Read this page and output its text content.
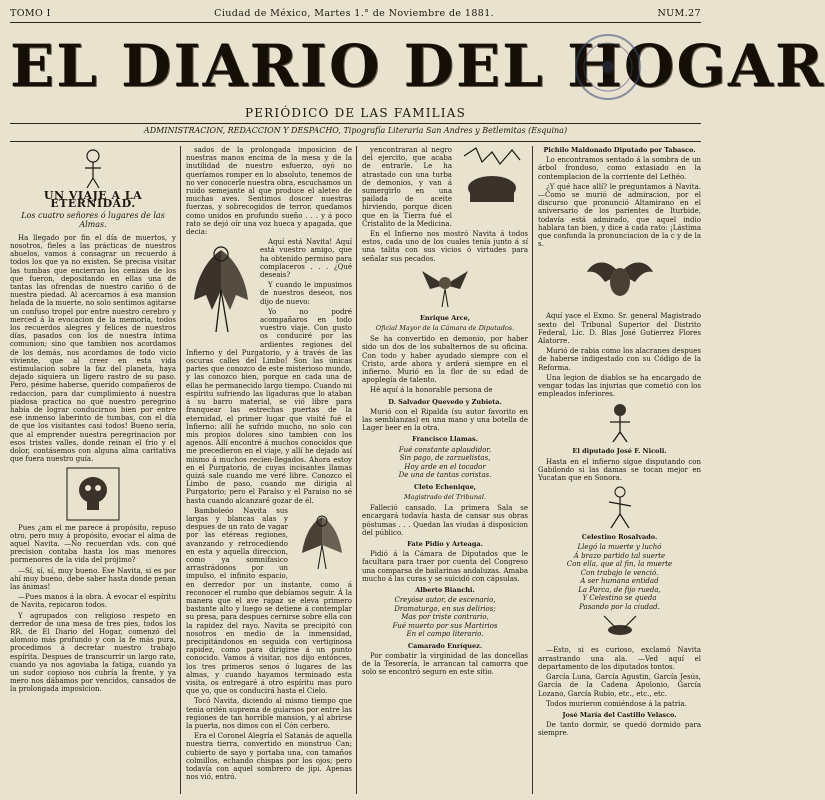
TOMO I	Ciudad de México, Martes 1.° de Noviembre de 1881.	NUM.27
EL DIARIO DEL HOGAR
PERIÓDICO DE LAS FAMILIAS
ADMINISTRACION, REDACCION Y DESPACHO, Tipografía Literaria San Andres y Betlemitas (Esquina)
UN VIAJE A LA ETERNIDAD.
Los cuatro señores ó lugares de las Almas.

Ha llegado por fin el día de muertos, y nosotros, fieles a las prácticas de nuestros abuelos, vamos á consagrar un recuerdo á todos los que ya no existen. Se precisa visitar las tumbas que encierran los cenizas de los que fueron, depositando en ellas una de tantas las ofrendas de nuestro cariño ó de nuestra piedad. Al acercarnos á esa mansion helada de la muerte, no solo sentimos agitarse un confuso tropel por entre nuestro cerebro y merced á la evocacion de la memoria, todos los recuerdos alegres y felices de nuestros días, pasados con los de nuestra íntima comunion; sino que tambien nos acordamos de los demás, nos acordamos de todo vicio viviente, que al creer en esta vida estimulacion sobre la faz del planeta, haya dejado siquiera un ligero rastro de su paso. Pero, pésime haberse, querido compañeros de redaccion, para dar cumplimiento á nuestra piadosa practica no qué nuestro peregrino había de lograr conducirnos bien por entre ese inmenso laberinto de tumbas, con el día de que los visitantes casi todos! Bueno sería, que al emprender nuestra peregrinacion por esos tristes valles, donde reinan el frio y el dolor, contásemos con alguna alma caritativa que fuera nuestro guía.

Pues ¿am el me parece á propósito, repuso otro, pero muy á propósito, evocar el alma de aquel Navita. —No recuerdan vds. con qué precision contaba hasta los mas menores pormenores de la vida del prójimo?

—Sí, sí, sí, muy bueno. Ese Navita, si es por ahí muy bueno, debe saber hasta donde penan las ánimas!

—Pues manos á la obra. Á evocar el espíritu de Navita, repicaron todos.

Y agrupados con religioso respeto en derredor de una mesa de tres pies, todos los RR. de El Diario del Hogar, comenzó del alomoio más profundo y con la fe más pura, procedimos á decretar nuestro trabajo espírita. Despues de transcurrir un largo rato, cuando ya nos agoviaba la fatiga, cuando ya un sudor copioso nos cubría la frente, y ya mero nos dábamos por vencidos, cansados de la prolongada imposicion.

sados de la prolongada imposicion de nuestras manos encima de la mesa y de la inutilidad de nuestro esfuerzo, oyó no queríamos romper en lo absoluto, tenemos de no ver conocerle nuestra obra, escuchamos un ruido semejante al que produce el aleteo de muchas aves. Sentimos doscer nuestras fuerzas, y sobrecogidos de terror, quedamos como unidos en profundo sueño . . . y á poco rato se dejó oír una voz hueca y apagada, que decia:

Aquí está Navita! Aquí está vuestro amigo, que ha obtenido permiso para complaceros . . . ¿Qué deseais?

Y cuando le impusimos de nuestros deseos, nos dijo de nuevo:

Yo no podré acompañaros en todo vuestro viaje. Con gusto os conduciré por las ardientes regiones del Infierno y del Purgatorio, y á través de las oscuras calles del Limbo! Son las únicas partes que conozco de este misterioso mundo, y las conozco bien, porque en cada una de ellas he permanecido largo tiempo. Cuando mi espíritu sufriendo las ligaduras que lo ataban á su barro material, se vió libre para franquear las estrechas puertas de la eternidad, el primer lugar que visité fué el Infierno: allí he sufrido mucho, no solo con mis propios dolores sino tambien con los agenos. Allí encontré á muchos conocidos que me precedieron en el viaje, y allí he dejado así mismo á muchos recien-llegados. Ahora estoy en el Purgatorio, de cuyas incisantes llamas quizá sale cuando me veré libre. Conozco el Limbo de paso, cuando me dirigia al Purgatorio; pero el Paraíso y el Paraiso no sé hasta cuando alcanzaré gozar de él.

Bamboleóo Navita sus largas y blancas alas y despues de un rato de vagar por las etéreas regiones, avanzando y retrocediendo en esta y aquella direccion, como ya somnifasico arrastrádonos por un impulso, el infinito espacio, en derredor por un instante, como á reconocer el rumbo que debíamos seguir. Á la manera que el ave rapaz se eleva primero bastante alto y luego se detiene á contemplar su presa, para despues cernirse sobre ella con la rapidez del rayo. Navita se precipitó con nosotros en medio de la inmensidad, precipitándonos en seguida con vertiginosa rapidez, como para dirigirse á un punto conocido. Vamos á visitar, nos dijo entónces, los tres primeros senos ó lugares de las almas, y cuando hayamos terminado esta visita, os entregaré á otro espíritu mas puro que yo, que os conducirá hasta el Cielo.

Tocó Navita, diciendo al mismo tiempo que tenia ordén suprema de guiarnos por entre las regiones de tan horrible mansion, y al abrirse la puerta, nos dimos con el Cón cerbero.

Era el Coronel Alegría el Satanás de aquella nuestra tierra, convertido en monstruo Can; cubierto de sayo y portaba una, con tamaños colmillos, echando chispas por los ojos; pero todavía con aquel sombrero de jipi. Apenas nos vió, entró.

yencontraran al negro del ejercito, que acaba de entrarle. Le ha atrastado con una turba de demonios, y van á sumergirlo en una pailada de aceite hirviendo, porque dicen que en la Tierra fué el Cristalito de la Medicina.

En el Infierno nos mostró Navita á todos estos, cada uno de los cuales tenía junto á sí una talita con sus vicios ó virtudes para señalar sus pecados.

Enrique Arce,
Oficial Mayor de la Cámara de Diputados.

Se ha convertido en demonio, por haber sido un dos de los subalternos de su oficina. Con todo y haber ayudado siempre con el Cristo, arde ahora y arderá siempre en el infierno. Murió en la flor de su edad de apoplegía de talento.

Hé aquí á la honorable persona de

D. Salvador Quevedo y Zubieta.

Murió con el Ripalda (su autor favorito en las semblanzas) en una mano y una botella de Lager beer en la otra.

Francisco Llamas.
Fué constante aplaudidor.
Sin pago, de zarzuelistas,
Hoy arde en el tocador
De una de tantas coristas.
Cleto Echenique,
Magistrado del Tribunal.

Falleció cansado. La primera Sala se encargará todavía hasta de cansar sus obras póstumas . . . Quedan las viudas á disposicion del público.

Fate Pidio y Arteaga.

Pidió á la Cámara de Diputados que le facultara para traer por cuenta del Congreso una comparsa de bailarinas andaluzas. Amaba mucho á las curas y se suicidó con cápsulas.

Alberto Bianchi.
Creyóse autor, de escenario,
Dramaturgo, en sus delirios;
Mas por triste contrario,
Fué muerto por sus Martirios
En el campo literario.
Camarado Enríquez.

Por combatir la virginidad de las doncellas de la Tesorería, le arrancan tal camorra que solo se encontró seguro en este sitio.

Pichilo Maldonado Diputado por Tabasco.

Lo encontramos sentado á la sombra de un árbol frondoso, como extasiado en la contemplacion de la corriente del Lethéo.

¿Y qué hace allí? le preguntamos á Navita. —Como se murió de admiracion, por el discurso que pronunció Altamirano en el aniversario de los parientes de Iturbide, todavía está admirado, que aquel indio hablara tan bien, y dice á cada rato: ¡Lástima que confunda la pronunciacion de la c y de la s.

Aquí yace el Exmo. Sr. general Magistrado sexto del Tribunal Superior del Distrito Federal, Lic. D. Blas José Gutierrez Flores Alatorre.

Murió de rabia como los alacranes despues de haberse indigestado con su Código de la Reforma.

Una legion de diablos se ha encargado de vengar todas las injurias que cometió con los empleados inferiores.

El diputado José F. Nicoli.

Hasta en el infierno sigue disputando con Gabilondo si las damas se tocan mejor en Yucatan que en Sonora.

Celestino Rosalvado.
Llegó la muerte y luchó
Á brazo partido tal suerte
Con ella, que al fin, la muerte
Con trabajo le venció.
A ser humana entidad
La Parca, de fijo rueda,
Y Celestino se queda
Pasando por la ciudad.

—Esto, si es curioso, exclamó Navita arrastrando una ala. —Ved aquí el departamento de los diputados tontos.

García Luna, García Agustin, García Jesús, García de la Cadena Apolonio, García Lozano, García Rubio, etc., etc., etc.

Todos murieron comiéndose á la patria.

José María del Castillo Velasco.

De tanto dormir, se quedó dormido para siempre.
